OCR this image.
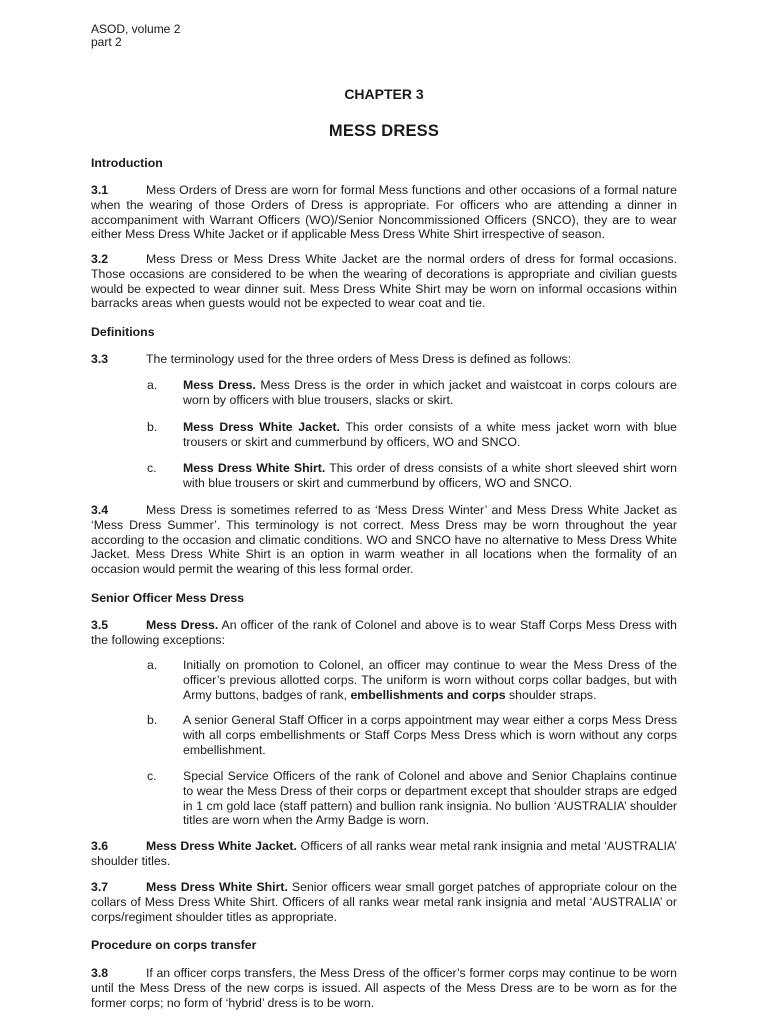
ASOD, volume 2
part 2
CHAPTER 3
MESS DRESS
Introduction
3.1	Mess Orders of Dress are worn for formal Mess functions and other occasions of a formal nature when the wearing of those Orders of Dress is appropriate. For officers who are attending a dinner in accompaniment with Warrant Officers (WO)/Senior Noncommissioned Officers (SNCO), they are to wear either Mess Dress White Jacket or if applicable Mess Dress White Shirt irrespective of season.
3.2	Mess Dress or Mess Dress White Jacket are the normal orders of dress for formal occasions. Those occasions are considered to be when the wearing of decorations is appropriate and civilian guests would be expected to wear dinner suit. Mess Dress White Shirt may be worn on informal occasions within barracks areas when guests would not be expected to wear coat and tie.
Definitions
3.3	The terminology used for the three orders of Mess Dress is defined as follows:
a. Mess Dress. Mess Dress is the order in which jacket and waistcoat in corps colours are worn by officers with blue trousers, slacks or skirt.
b. Mess Dress White Jacket. This order consists of a white mess jacket worn with blue trousers or skirt and cummerbund by officers, WO and SNCO.
c. Mess Dress White Shirt. This order of dress consists of a white short sleeved shirt worn with blue trousers or skirt and cummerbund by officers, WO and SNCO.
3.4	Mess Dress is sometimes referred to as ‘Mess Dress Winter’ and Mess Dress White Jacket as ‘Mess Dress Summer’. This terminology is not correct. Mess Dress may be worn throughout the year according to the occasion and climatic conditions. WO and SNCO have no alternative to Mess Dress White Jacket. Mess Dress White Shirt is an option in warm weather in all locations when the formality of an occasion would permit the wearing of this less formal order.
Senior Officer Mess Dress
3.5	Mess Dress. An officer of the rank of Colonel and above is to wear Staff Corps Mess Dress with the following exceptions:
a. Initially on promotion to Colonel, an officer may continue to wear the Mess Dress of the officer’s previous allotted corps. The uniform is worn without corps collar badges, but with Army buttons, badges of rank, embellishments and corps shoulder straps.
b. A senior General Staff Officer in a corps appointment may wear either a corps Mess Dress with all corps embellishments or Staff Corps Mess Dress which is worn without any corps embellishment.
c. Special Service Officers of the rank of Colonel and above and Senior Chaplains continue to wear the Mess Dress of their corps or department except that shoulder straps are edged in 1 cm gold lace (staff pattern) and bullion rank insignia. No bullion ‘AUSTRALIA’ shoulder titles are worn when the Army Badge is worn.
3.6	Mess Dress White Jacket. Officers of all ranks wear metal rank insignia and metal ‘AUSTRALIA’ shoulder titles.
3.7	Mess Dress White Shirt. Senior officers wear small gorget patches of appropriate colour on the collars of Mess Dress White Shirt. Officers of all ranks wear metal rank insignia and metal ‘AUSTRALIA’ or corps/regiment shoulder titles as appropriate.
Procedure on corps transfer
3.8	If an officer corps transfers, the Mess Dress of the officer’s former corps may continue to be worn until the Mess Dress of the new corps is issued. All aspects of the Mess Dress are to be worn as for the former corps; no form of ‘hybrid’ dress is to be worn.
